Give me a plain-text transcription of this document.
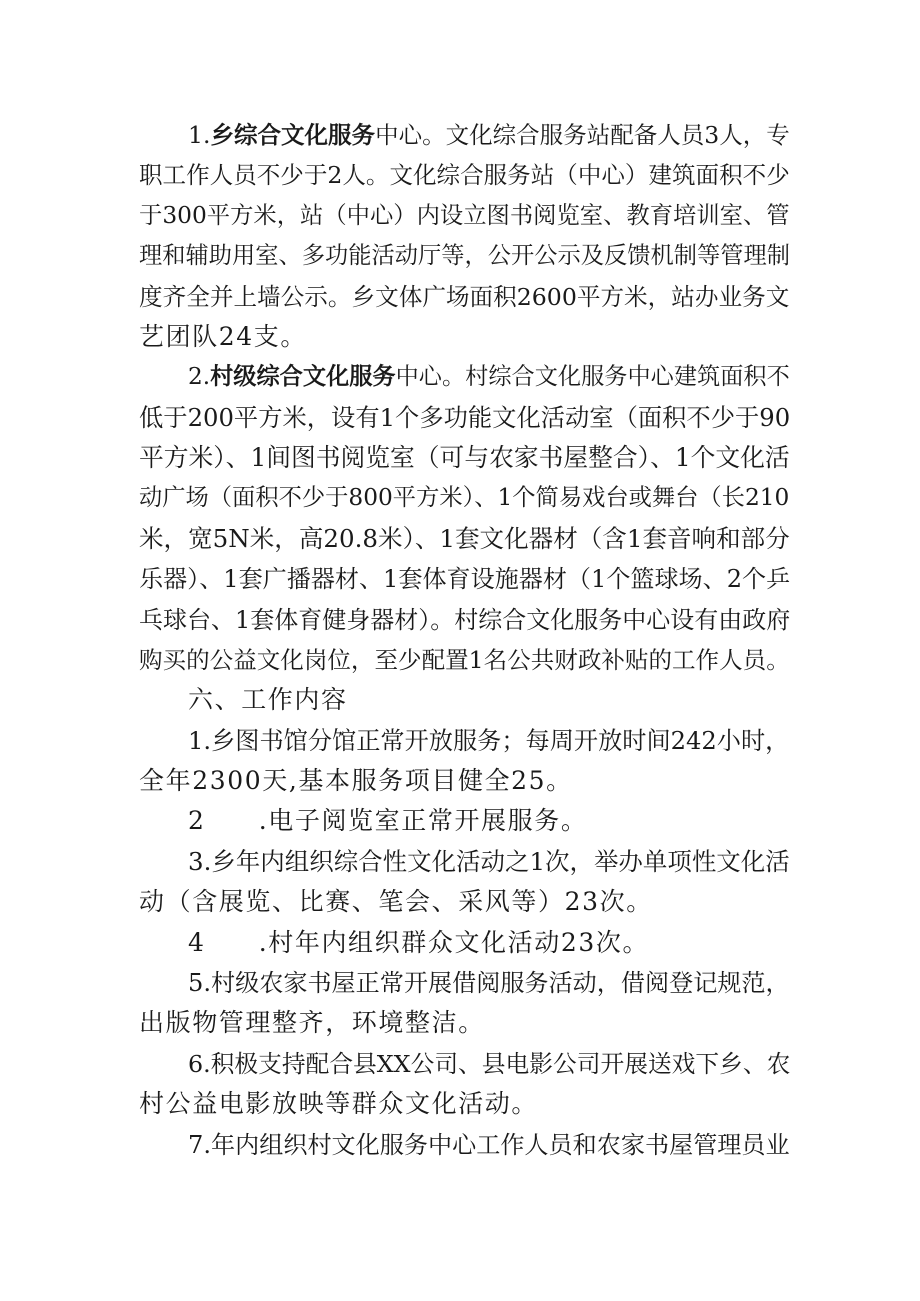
1.乡综合文化服务中心。文化综合服务站配备人员3人，专
职工作人员不少于2人。文化综合服务站（中心）建筑面积不少
于300平方米，站（中心）内设立图书阅览室、教育培训室、管
理和辅助用室、多功能活动厅等，公开公示及反馈机制等管理制
度齐全并上墙公示。乡文体广场面积2600平方米，站办业务文
艺团队24支。
2.村级综合文化服务中心。村综合文化服务中心建筑面积不
低于200平方米，设有1个多功能文化活动室（面积不少于90
平方米）、1间图书阅览室（可与农家书屋整合）、1个文化活
动广场（面积不少于800平方米）、1个简易戏台或舞台（长210
米，宽5N米，高20.8米）、1套文化器材（含1套音响和部分
乐器）、1套广播器材、1套体育设施器材（1个篮球场、2个乒
乓球台、1套体育健身器材）。村综合文化服务中心设有由政府
购买的公益文化岗位，至少配置1名公共财政补贴的工作人员。
六、工作内容
1.乡图书馆分馆正常开放服务；每周开放时间242小时，
全年2300天,基本服务项目健全25。
2　　.电子阅览室正常开展服务。
3.乡年内组织综合性文化活动之1次，举办单项性文化活
动（含展览、比赛、笔会、采风等）23次。
4　　.村年内组织群众文化活动23次。
5.村级农家书屋正常开展借阅服务活动，借阅登记规范，
出版物管理整齐，环境整洁。
6.积极支持配合县XX公司、县电影公司开展送戏下乡、农
村公益电影放映等群众文化活动。
7.年内组织村文化服务中心工作人员和农家书屋管理员业
